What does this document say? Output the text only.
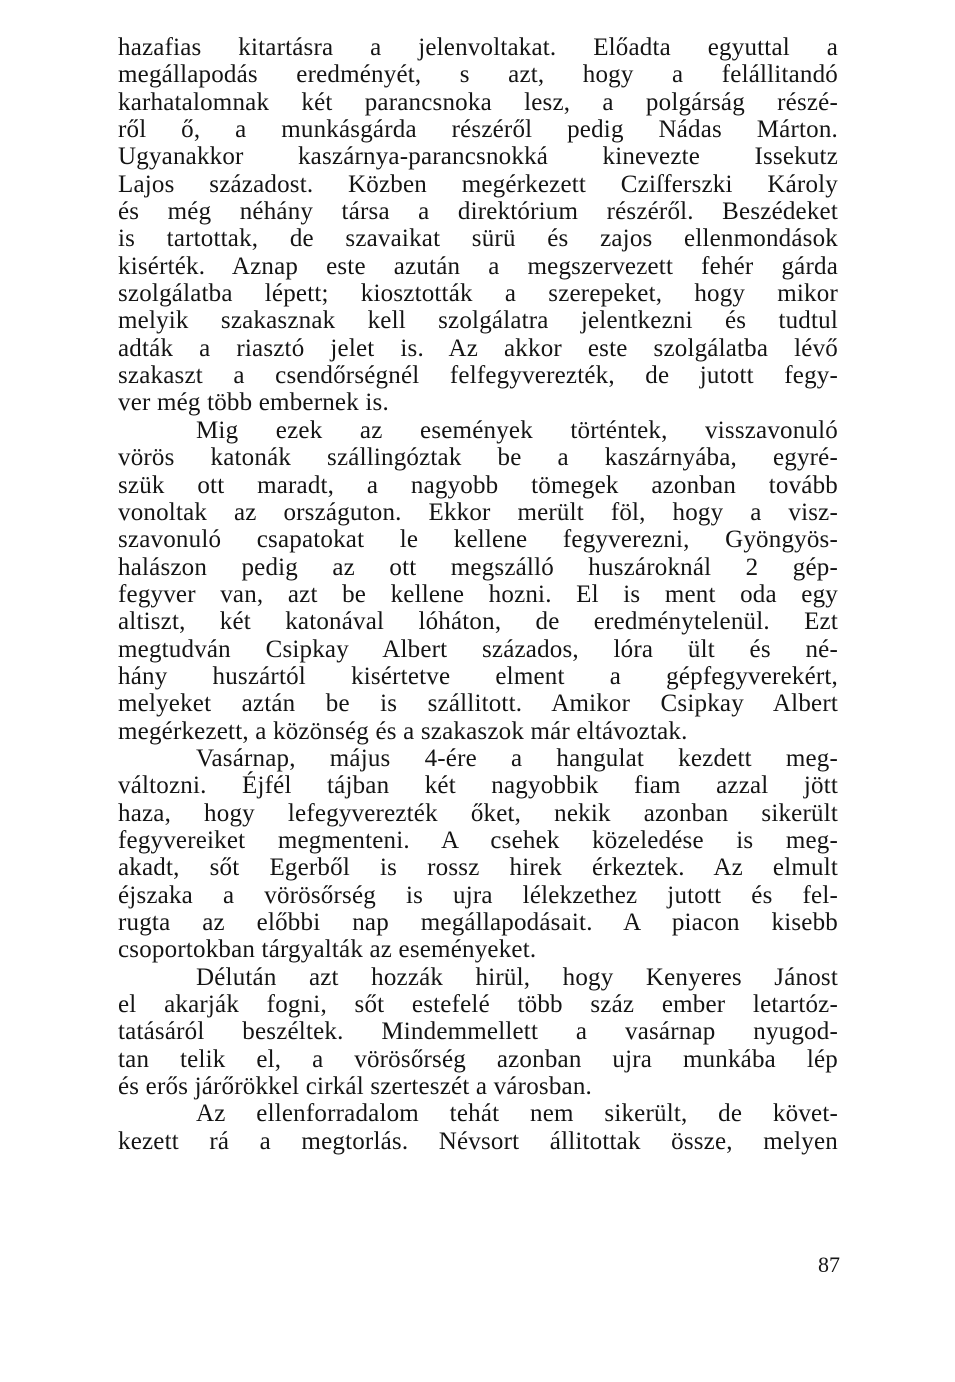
hazafias kitartásra a jelenvoltakat. Előadta egyuttal a
megállapodás eredményét, s azt, hogy a felállitandó
karhatalomnak két parancsnoka lesz, a polgárság részé-
ről ő, a munkásgárda részéről pedig Nádas Márton.
Ugyanakkor kaszárnya-parancsnokká kinevezte Issekutz
Lajos századost. Közben megérkezett Cziſferszki Károly
és még néhány társa a direktórium részéről. Beszédeket
is tartottak, de szavaikat sürü és zajos ellenmondások
kisérték. Aznap este azután a megszervezett fehér gárda
szolgálatba lépett; kiosztották a szerepeket, hogy mikor
melyik szakasznak kell szolgálatra jelentkezni és tudtul
adták a riasztó jelet is. Az akkor este szolgálatba lévő
szakaszt a csendőrségnél felfegyverezték, de jutott fegy-
ver még több embernek is.
Mig ezek az események történtek, visszavonuló
vörös katonák szállingóztak be a kaszárnyába, egyré-
szük ott maradt, a nagyobb tömegek azonban tovább
vonoltak az országuton. Ekkor merült föl, hogy a visz-
szavonuló csapatokat le kellene fegyverezni, Gyöngyös-
halászon pedig az ott megszálló huszároknál 2 gép-
fegyver van, azt be kellene hozni. El is ment oda egy
altiszt, két katonával lóháton, de eredménytelenül. Ezt
megtudván Csipkay Albert százados, lóra ült és né-
hány huszártól kisértetve elment a gépfegyverekért,
melyeket aztán be is szállitott. Amikor Csipkay Albert
megérkezett, a közönség és a szakaszok már eltávoztak.
Vasárnap, május 4-ére a hangulat kezdett meg-
változni. Éjfél tájban két nagyobbik fiam azzal jött
haza, hogy lefegyverezték őket, nekik azonban sikerült
fegyvereiket megmenteni. A csehek közeledése is meg-
akadt, sőt Egerből is rossz hirek érkeztek. Az elmult
éjszaka a vörösőrség is ujra lélekzethez jutott és fel-
rugta az előbbi nap megállapodásait. A piacon kisebb
csoportokban tárgyalták az eseményeket.
Délután azt hozzák hirül, hogy Kenyeres Jánost
el akarják fogni, sőt estefelé több száz ember letartóz-
tatásáról beszéltek. Mindemmellett a vasárnap nyugod-
tan telik el, a vörösőrség azonban ujra munkába lép
és erős járőrökkel cirkál szerteszét a városban.
Az ellenforradalom tehát nem sikerült, de követ-
kezett rá a megtorlás. Névsort állitottak össze, melyen
87
